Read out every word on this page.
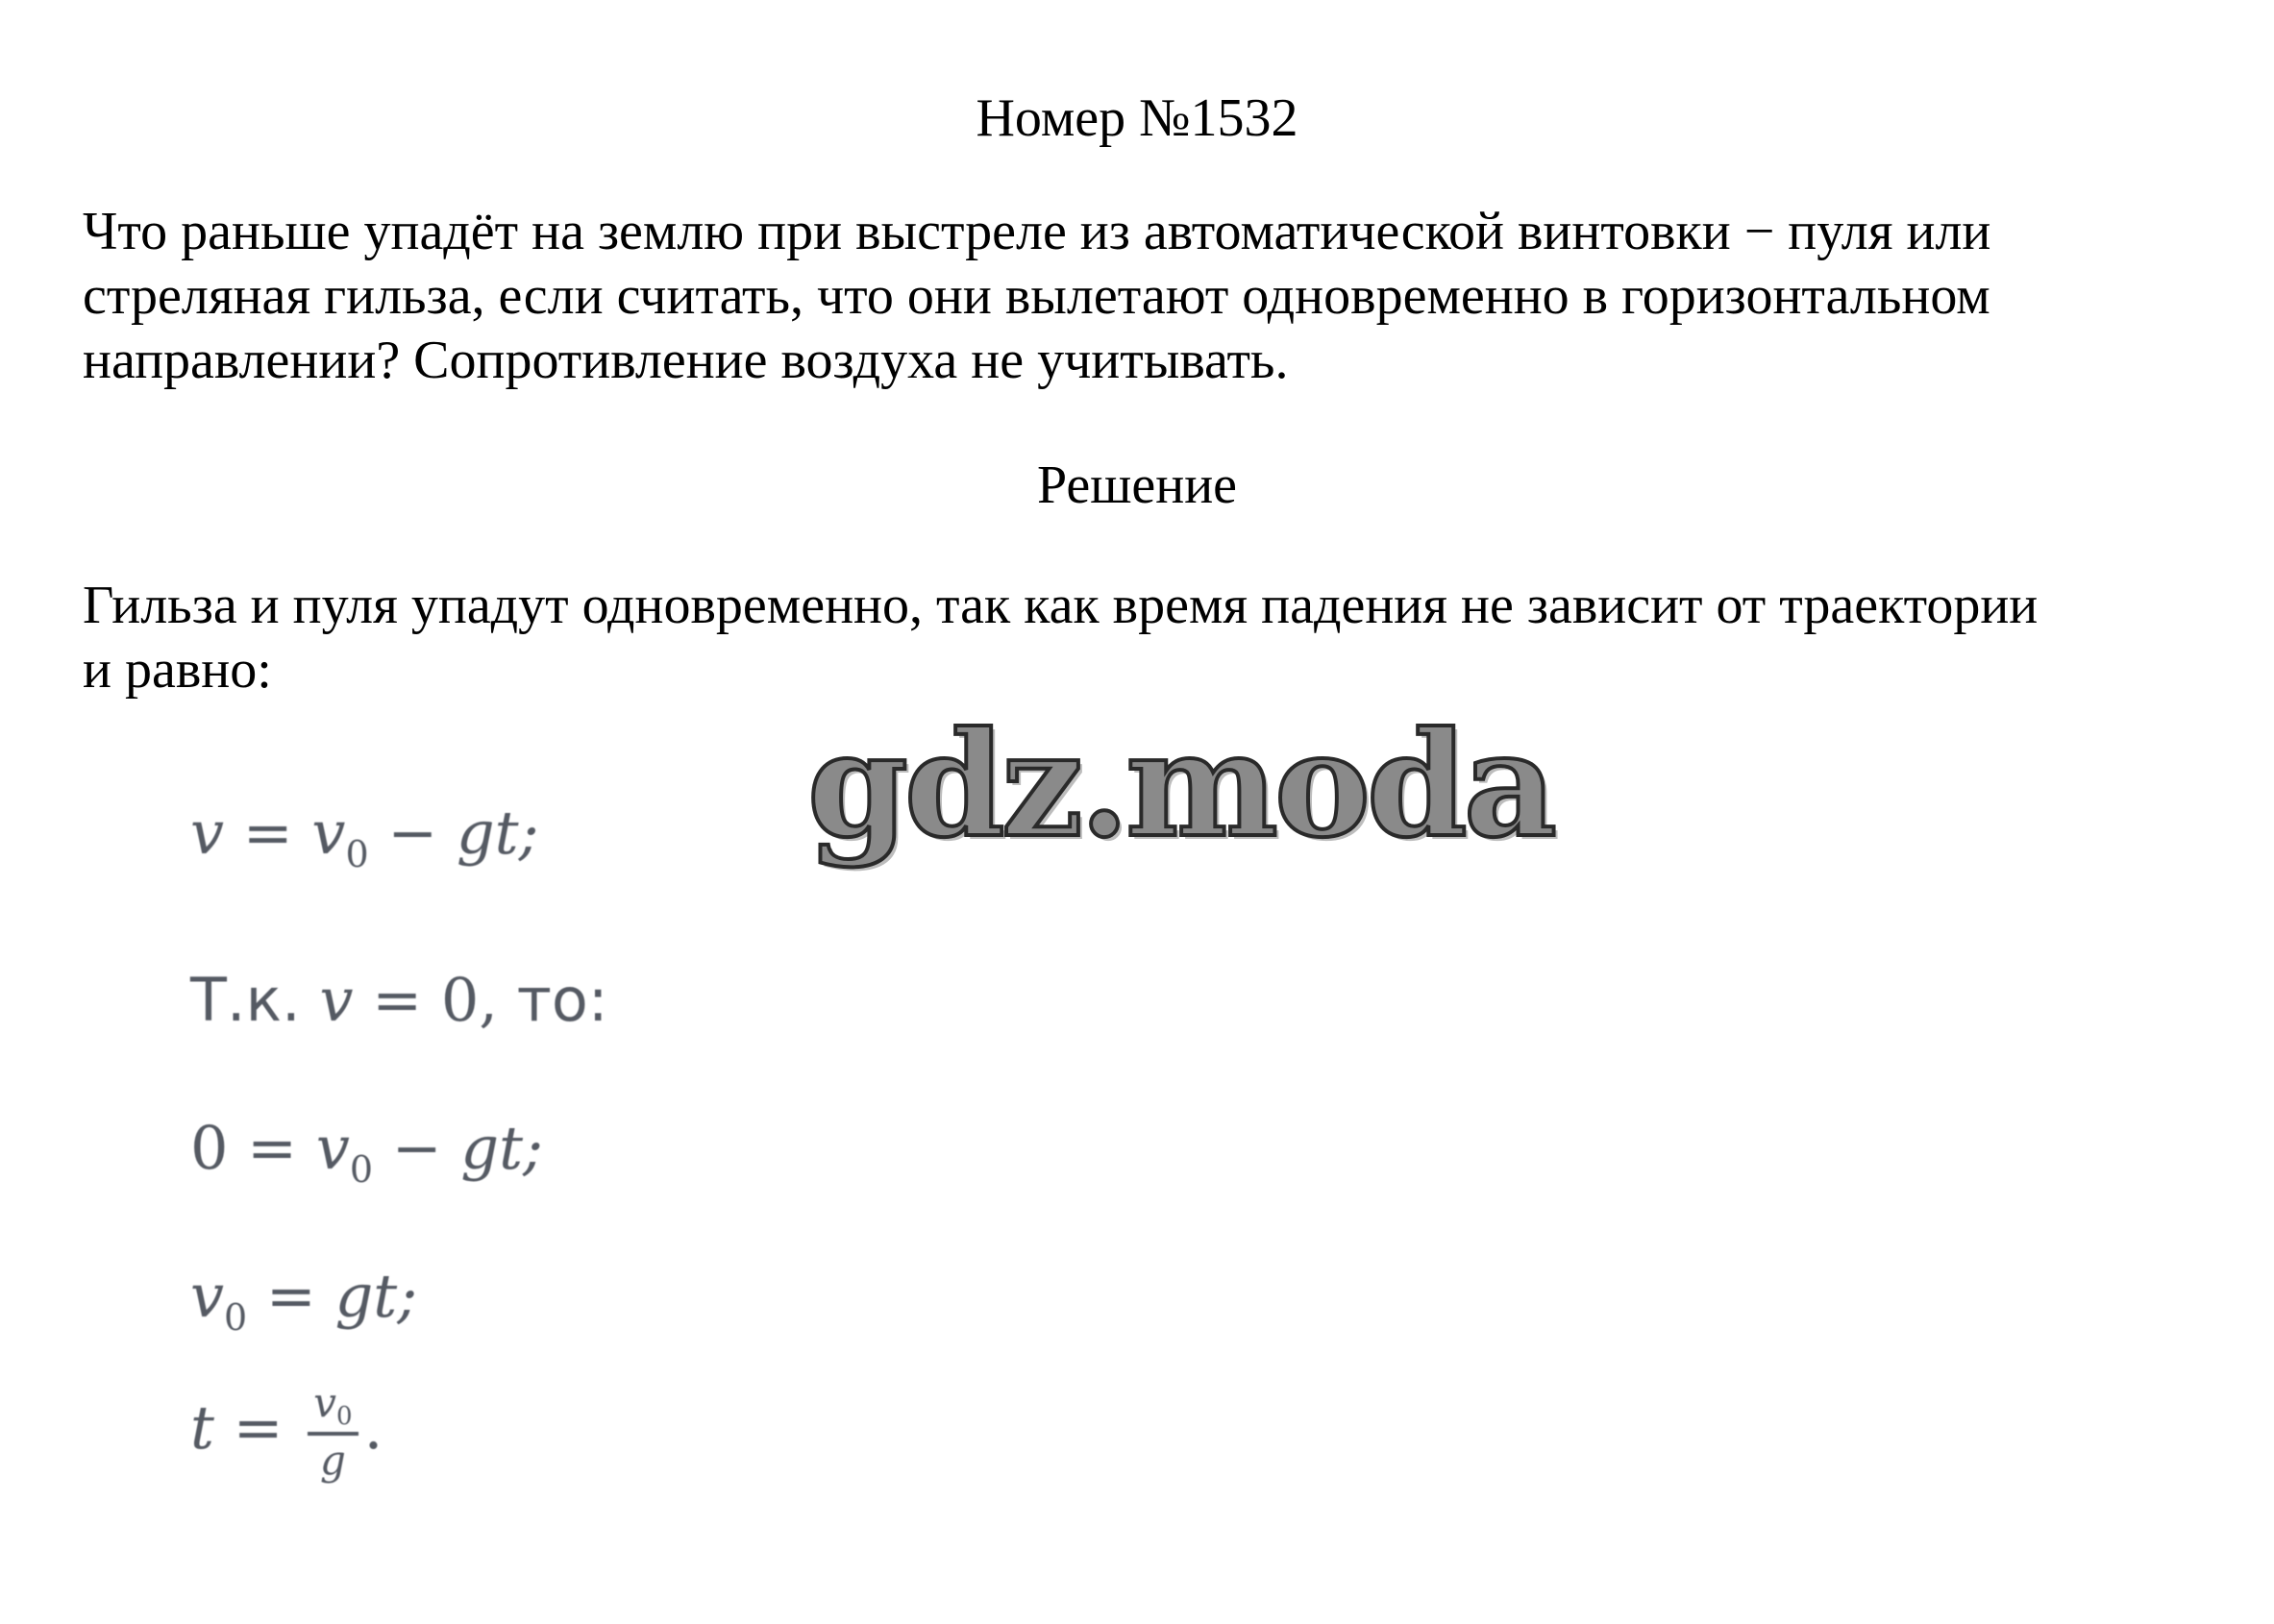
Номер №1532
Что раньше упадёт на землю при выстреле из автоматической винтовки − пуля или
стреляная гильза, если считать, что они вылетают одновременно в горизонтальном
направлении? Сопротивление воздуха не учитывать.
Решение
Гильза и пуля упадут одновременно, так как время падения не зависит от траектории
и равно:
gdz.moda
$v = v_0$ − gt;
Т.к. v = 0, то:
$0 = v_0$ − gt;
$v_0$ = gt;
$t = \frac{v0}{g}$ .
